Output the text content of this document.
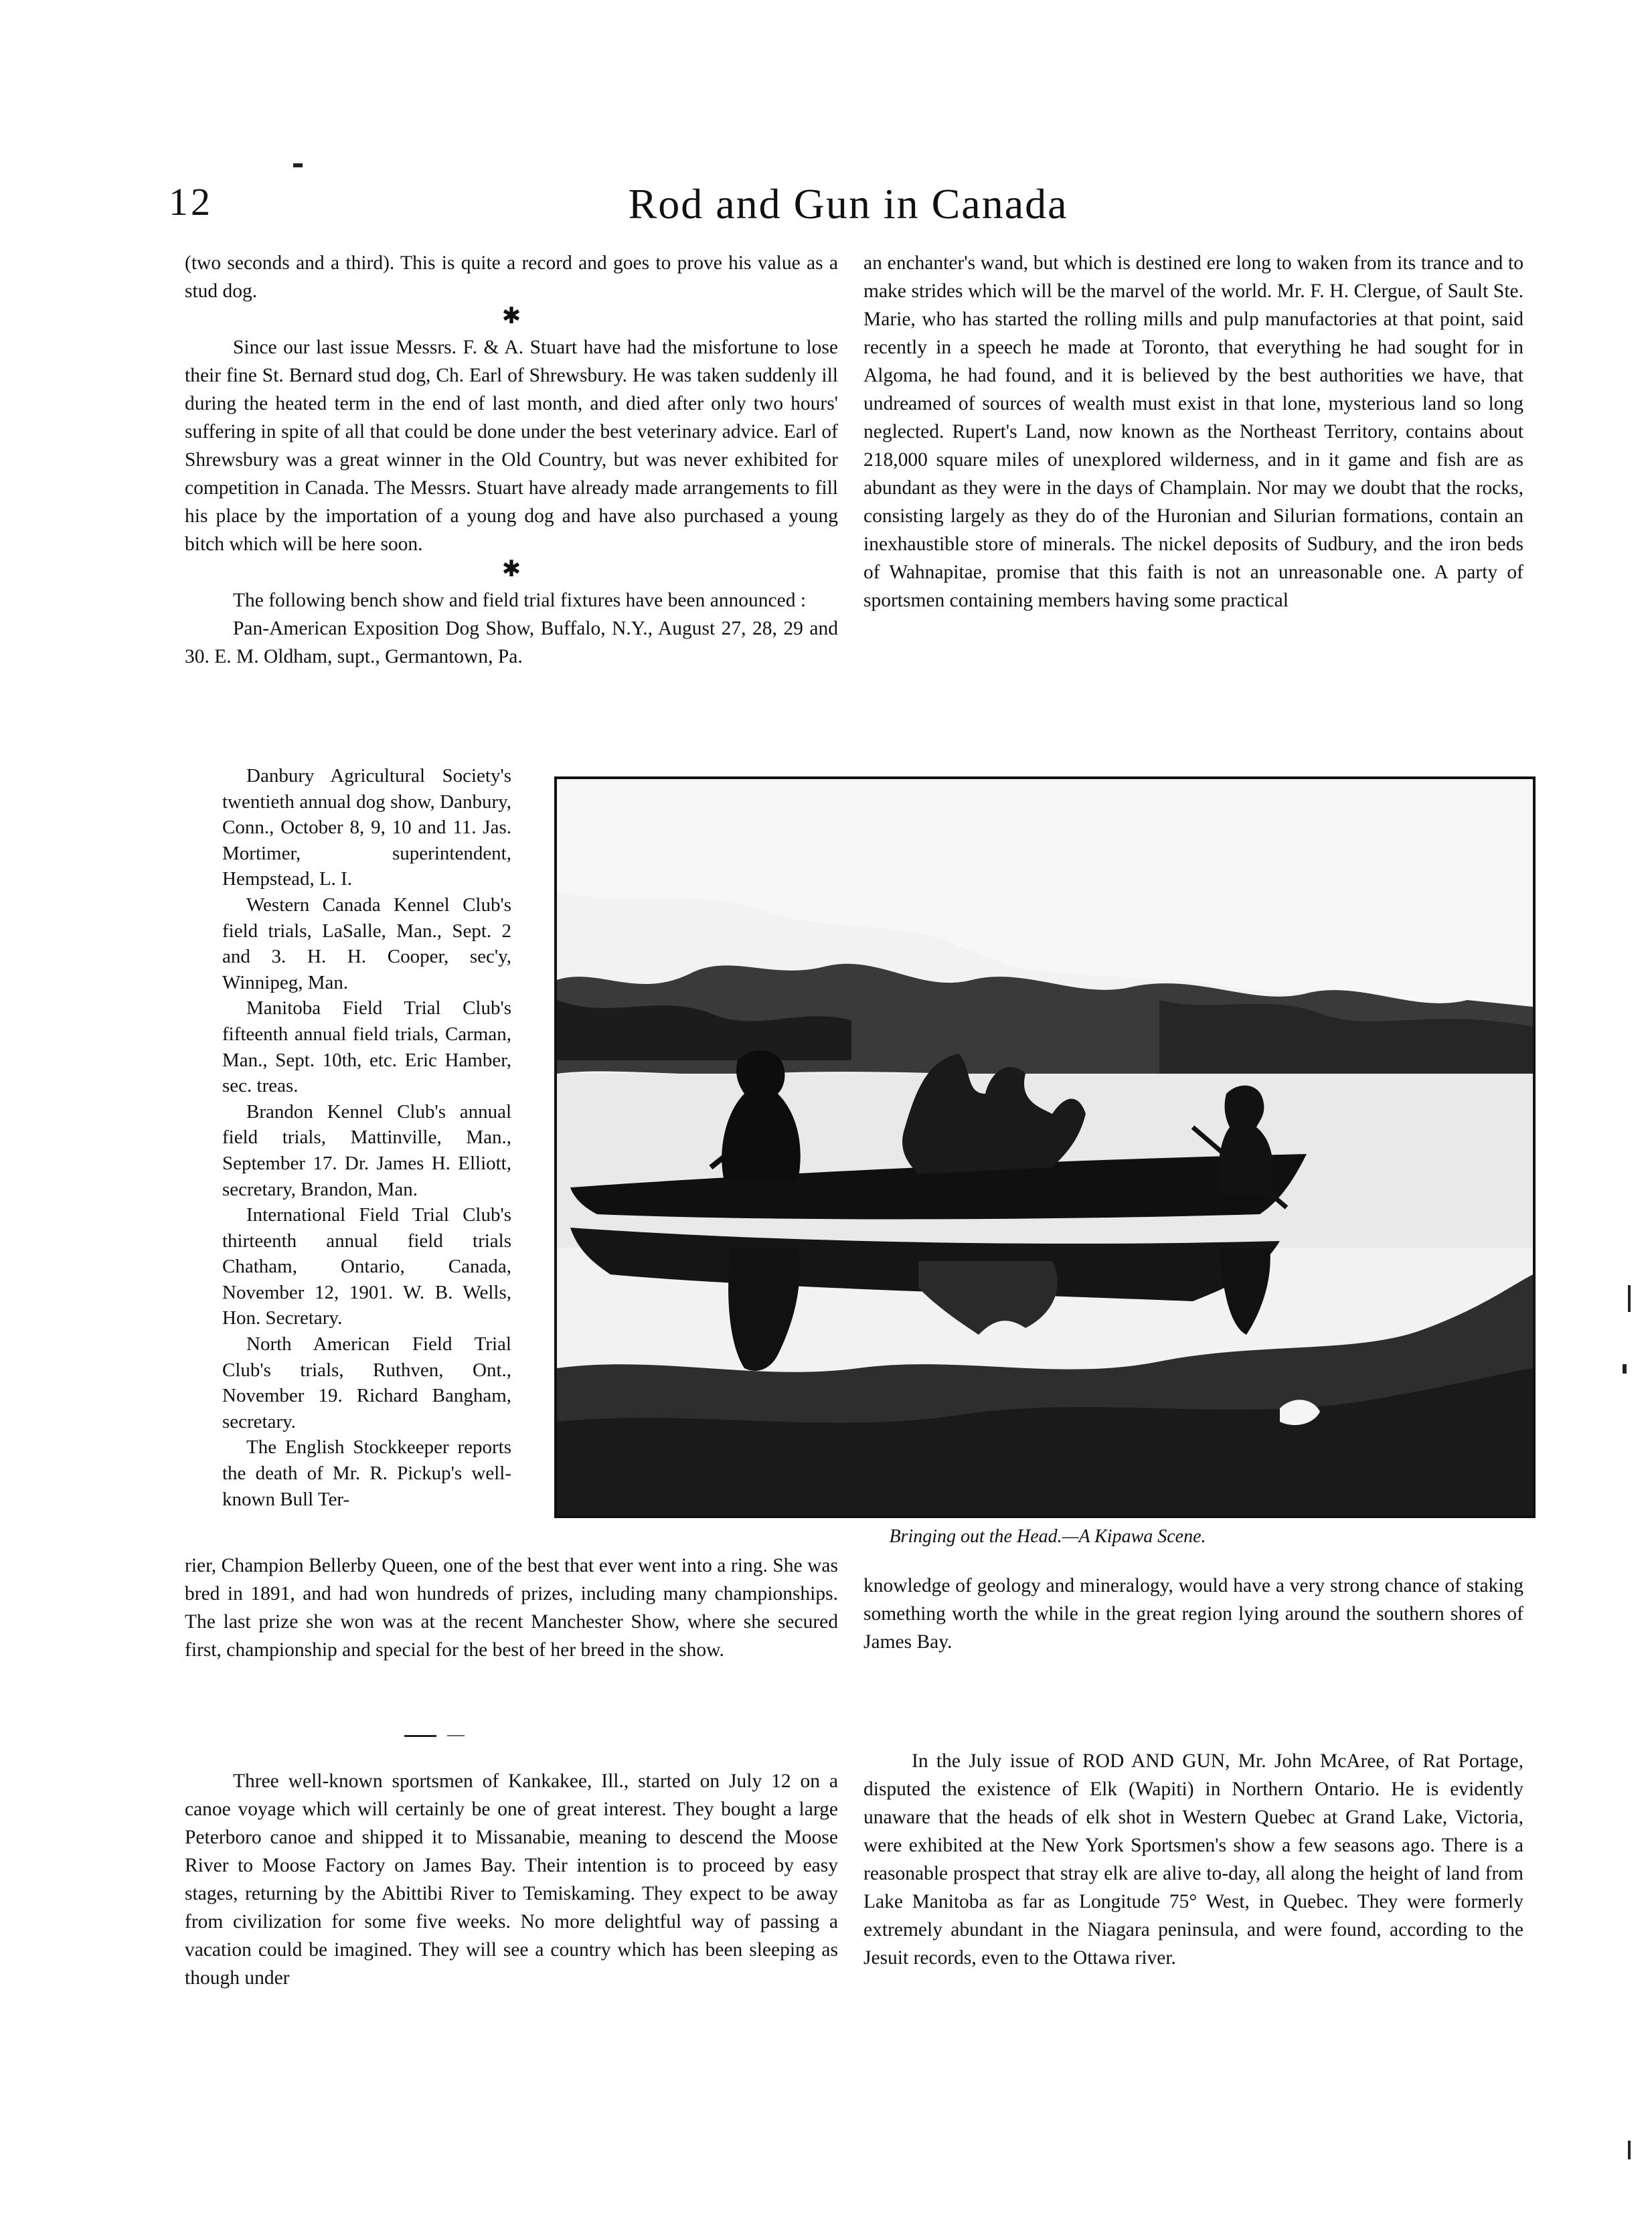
12	Rod and Gun in Canada

(two seconds and a third). This is quite a record and goes to prove his value as a stud dog.

✱

Since our last issue Messrs. F. & A. Stuart have had the misfortune to lose their fine St. Bernard stud dog, Ch. Earl of Shrewsbury. He was taken suddenly ill during the heated term in the end of last month, and died after only two hours' suffering in spite of all that could be done under the best veterinary advice. Earl of Shrewsbury was a great winner in the Old Country, but was never exhibited for competition in Canada. The Messrs. Stuart have already made arrangements to fill his place by the importation of a young dog and have also purchased a young bitch which will be here soon.

✱

The following bench show and field trial fixtures have been announced :

Pan-American Exposition Dog Show, Buffalo, N.Y., August 27, 28, 29 and 30. E. M. Oldham, supt., Germantown, Pa.

Danbury Agricultural Society's twentieth annual dog show, Danbury, Conn., October 8, 9, 10 and 11. Jas. Mortimer, superintendent, Hempstead, L. I.

Western Canada Kennel Club's field trials, LaSalle, Man., Sept. 2 and 3. H. H. Cooper, sec'y, Winnipeg, Man.

Manitoba Field Trial Club's fifteenth annual field trials, Carman, Man., Sept. 10th, etc. Eric Hamber, sec. treas.

Brandon Kennel Club's annual field trials, Mattinville, Man., September 17. Dr. James H. Elliott, secretary, Brandon, Man.

International Field Trial Club's thirteenth annual field trials Chatham, Ontario, Canada, November 12, 1901. W. B. Wells, Hon. Secretary.

North American Field Trial Club's trials, Ruthven, Ont., November 19. Richard Bangham, secretary.

The English Stockkeeper reports the death of Mr. R. Pickup's well-known Bull Ter-

rier, Champion Bellerby Queen, one of the best that ever went into a ring. She was bred in 1891, and had won hundreds of prizes, including many championships. The last prize she won was at the recent Manchester Show, where she secured first, championship and special for the best of her breed in the show.

Three well-known sportsmen of Kankakee, Ill., started on July 12 on a canoe voyage which will certainly be one of great interest. They bought a large Peterboro canoe and shipped it to Missanabie, meaning to descend the Moose River to Moose Factory on James Bay. Their intention is to proceed by easy stages, returning by the Abittibi River to Temiskaming. They expect to be away from civilization for some five weeks. No more delightful way of passing a vacation could be imagined. They will see a country which has been sleeping as though under

an enchanter's wand, but which is destined ere long to waken from its trance and to make strides which will be the marvel of the world. Mr. F. H. Clergue, of Sault Ste. Marie, who has started the rolling mills and pulp manufactories at that point, said recently in a speech he made at Toronto, that everything he had sought for in Algoma, he had found, and it is believed by the best authorities we have, that undreamed of sources of wealth must exist in that lone, mysterious land so long neglected. Rupert's Land, now known as the Northeast Territory, contains about 218,000 square miles of unexplored wilderness, and in it game and fish are as abundant as they were in the days of Champlain. Nor may we doubt that the rocks, consisting largely as they do of the Huronian and Silurian formations, contain an inexhaustible store of minerals. The nickel deposits of Sudbury, and the iron beds of Wahnapitae, promise that this faith is not an unreasonable one. A party of sportsmen containing members having some practical

Bringing out the Head.—A Kipawa Scene.

knowledge of geology and mineralogy, would have a very strong chance of staking something worth the while in the great region lying around the southern shores of James Bay.

In the July issue of ROD AND GUN, Mr. John McAree, of Rat Portage, disputed the existence of Elk (Wapiti) in Northern Ontario. He is evidently unaware that the heads of elk shot in Western Quebec at Grand Lake, Victoria, were exhibited at the New York Sportsmen's show a few seasons ago. There is a reasonable prospect that stray elk are alive to-day, all along the height of land from Lake Manitoba as far as Longitude 75° West, in Quebec. They were formerly extremely abundant in the Niagara peninsula, and were found, according to the Jesuit records, even to the Ottawa river.
